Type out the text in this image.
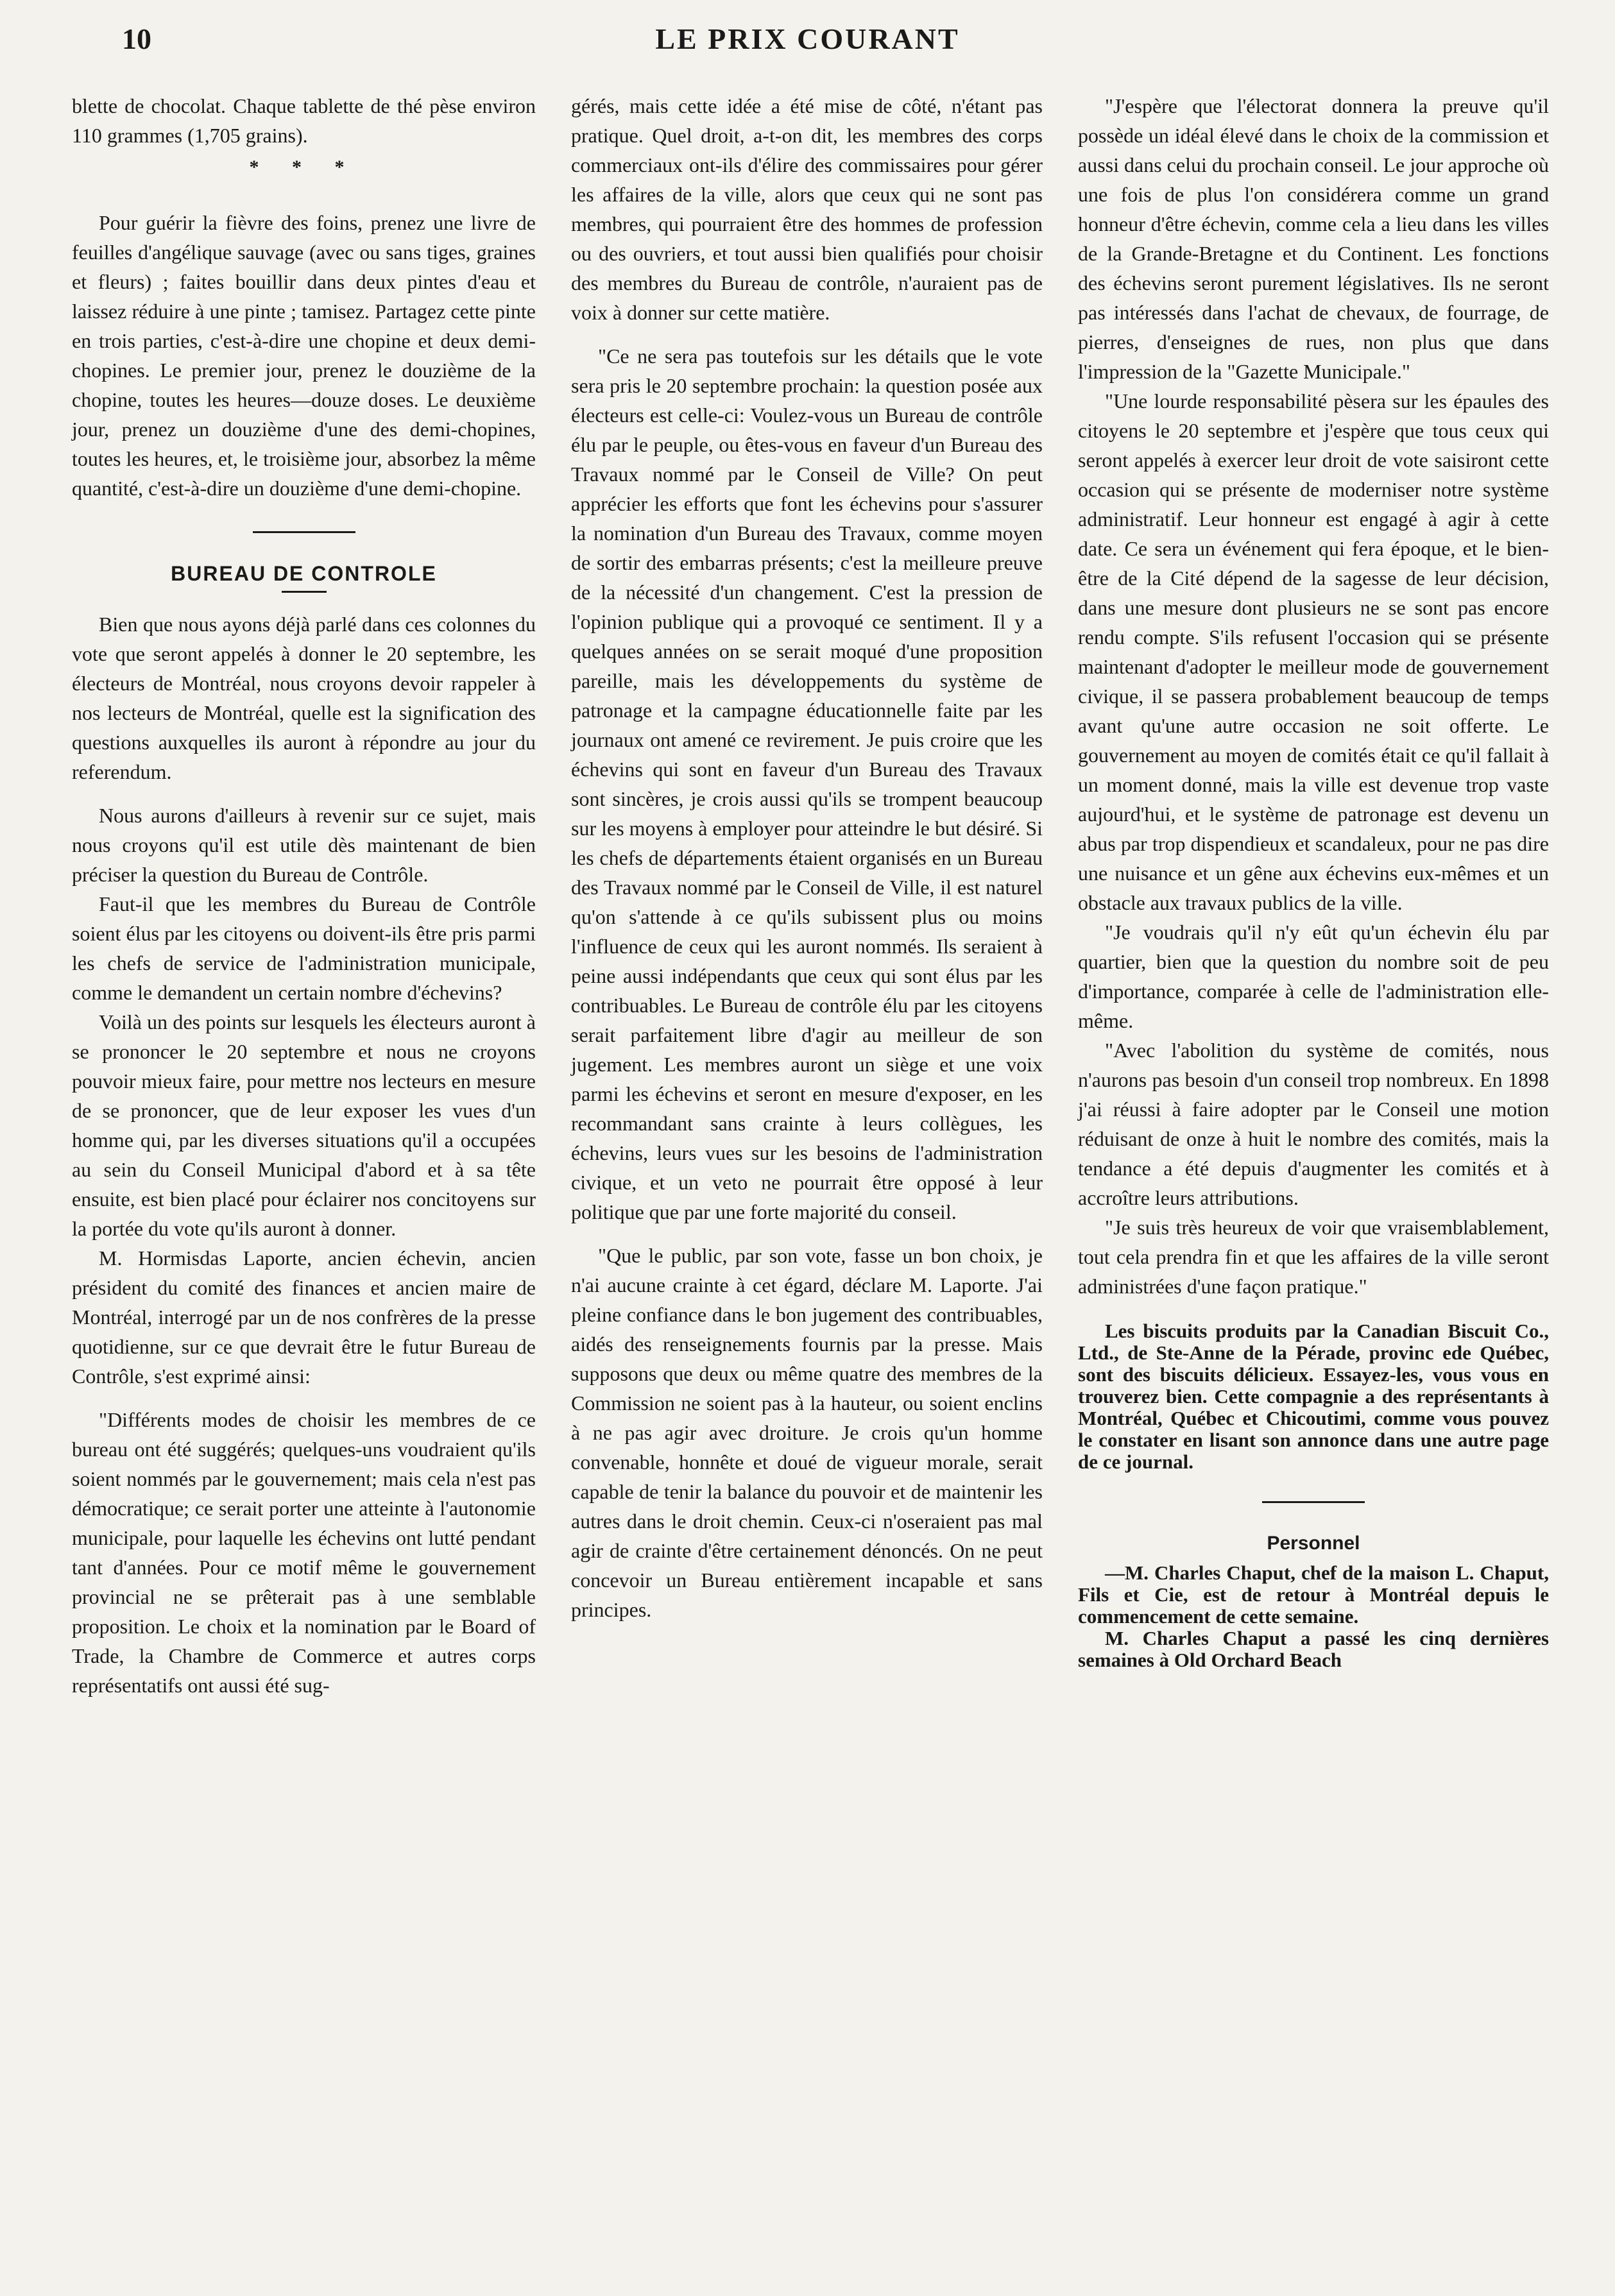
10	LE PRIX COURANT

blette de chocolat. Chaque tablette de thé pèse environ 110 grammes (1,705 grains).

* * *

Pour guérir la fièvre des foins, prenez une livre de feuilles d'angélique sauvage (avec ou sans tiges, graines et fleurs) ; faites bouillir dans deux pintes d'eau et laissez réduire à une pinte ; tamisez. Partagez cette pinte en trois parties, c'est-à-dire une chopine et deux demi-chopines. Le premier jour, prenez le douzième de la chopine, toutes les heures—douze doses. Le deuxième jour, prenez un douzième d'une des demi-chopines, toutes les heures, et, le troisième jour, absorbez la même quantité, c'est-à-dire un douzième d'une demi-chopine.

BUREAU DE CONTROLE

Bien que nous ayons déjà parlé dans ces colonnes du vote que seront appelés à donner le 20 septembre, les électeurs de Montréal, nous croyons devoir rappeler à nos lecteurs de Montréal, quelle est la signification des questions auxquelles ils auront à répondre au jour du referendum.

Nous aurons d'ailleurs à revenir sur ce sujet, mais nous croyons qu'il est utile dès maintenant de bien préciser la question du Bureau de Contrôle.

Faut-il que les membres du Bureau de Contrôle soient élus par les citoyens ou doivent-ils être pris parmi les chefs de service de l'administration municipale, comme le demandent un certain nombre d'échevins?

Voilà un des points sur lesquels les électeurs auront à se prononcer le 20 septembre et nous ne croyons pouvoir mieux faire, pour mettre nos lecteurs en mesure de se prononcer, que de leur exposer les vues d'un homme qui, par les diverses situations qu'il a occupées au sein du Conseil Municipal d'abord et à sa tête ensuite, est bien placé pour éclairer nos concitoyens sur la portée du vote qu'ils auront à donner.

M. Hormisdas Laporte, ancien échevin, ancien président du comité des finances et ancien maire de Montréal, interrogé par un de nos confrères de la presse quotidienne, sur ce que devrait être le futur Bureau de Contrôle, s'est exprimé ainsi:

"Différents modes de choisir les membres de ce bureau ont été suggérés; quelques-uns voudraient qu'ils soient nommés par le gouvernement; mais cela n'est pas démocratique; ce serait porter une atteinte à l'autonomie municipale, pour laquelle les échevins ont lutté pendant tant d'années. Pour ce motif même le gouvernement provincial ne se prêterait pas à une semblable proposition. Le choix et la nomination par le Board of Trade, la Chambre de Commerce et autres corps représentatifs ont aussi été sug-

gérés, mais cette idée a été mise de côté, n'étant pas pratique. Quel droit, a-t-on dit, les membres des corps commerciaux ont-ils d'élire des commissaires pour gérer les affaires de la ville, alors que ceux qui ne sont pas membres, qui pourraient être des hommes de profession ou des ouvriers, et tout aussi bien qualifiés pour choisir des membres du Bureau de contrôle, n'auraient pas de voix à donner sur cette matière.

"Ce ne sera pas toutefois sur les détails que le vote sera pris le 20 septembre prochain: la question posée aux électeurs est celle-ci: Voulez-vous un Bureau de contrôle élu par le peuple, ou êtes-vous en faveur d'un Bureau des Travaux nommé par le Conseil de Ville? On peut apprécier les efforts que font les échevins pour s'assurer la nomination d'un Bureau des Travaux, comme moyen de sortir des embarras présents; c'est la meilleure preuve de la nécessité d'un changement. C'est la pression de l'opinion publique qui a provoqué ce sentiment. Il y a quelques années on se serait moqué d'une proposition pareille, mais les développements du système de patronage et la campagne éducationnelle faite par les journaux ont amené ce revirement. Je puis croire que les échevins qui sont en faveur d'un Bureau des Travaux sont sincères, je crois aussi qu'ils se trompent beaucoup sur les moyens à employer pour atteindre le but désiré. Si les chefs de départements étaient organisés en un Bureau des Travaux nommé par le Conseil de Ville, il est naturel qu'on s'attende à ce qu'ils subissent plus ou moins l'influence de ceux qui les auront nommés. Ils seraient à peine aussi indépendants que ceux qui sont élus par les contribuables. Le Bureau de contrôle élu par les citoyens serait parfaitement libre d'agir au meilleur de son jugement. Les membres auront un siège et une voix parmi les échevins et seront en mesure d'exposer, en les recommandant sans crainte à leurs collègues, les échevins, leurs vues sur les besoins de l'administration civique, et un veto ne pourrait être opposé à leur politique que par une forte majorité du conseil.

"Que le public, par son vote, fasse un bon choix, je n'ai aucune crainte à cet égard, déclare M. Laporte. J'ai pleine confiance dans le bon jugement des contribuables, aidés des renseignements fournis par la presse. Mais supposons que deux ou même quatre des membres de la Commission ne soient pas à la hauteur, ou soient enclins à ne pas agir avec droiture. Je crois qu'un homme convenable, honnête et doué de vigueur morale, serait capable de tenir la balance du pouvoir et de maintenir les autres dans le droit chemin. Ceux-ci n'oseraient pas mal agir de crainte d'être certainement dénoncés. On ne peut concevoir un Bureau entièrement incapable et sans principes.

"J'espère que l'électorat donnera la preuve qu'il possède un idéal élevé dans le choix de la commission et aussi dans celui du prochain conseil. Le jour approche où une fois de plus l'on considérera comme un grand honneur d'être échevin, comme cela a lieu dans les villes de la Grande-Bretagne et du Continent. Les fonctions des échevins seront purement législatives. Ils ne seront pas intéressés dans l'achat de chevaux, de fourrage, de pierres, d'enseignes de rues, non plus que dans l'impression de la "Gazette Municipale."

"Une lourde responsabilité pèsera sur les épaules des citoyens le 20 septembre et j'espère que tous ceux qui seront appelés à exercer leur droit de vote saisiront cette occasion qui se présente de moderniser notre système administratif. Leur honneur est engagé à agir à cette date. Ce sera un événement qui fera époque, et le bien-être de la Cité dépend de la sagesse de leur décision, dans une mesure dont plusieurs ne se sont pas encore rendu compte. S'ils refusent l'occasion qui se présente maintenant d'adopter le meilleur mode de gouvernement civique, il se passera probablement beaucoup de temps avant qu'une autre occasion ne soit offerte. Le gouvernement au moyen de comités était ce qu'il fallait à un moment donné, mais la ville est devenue trop vaste aujourd'hui, et le système de patronage est devenu un abus par trop dispendieux et scandaleux, pour ne pas dire une nuisance et un gêne aux échevins eux-mêmes et un obstacle aux travaux publics de la ville.

"Je voudrais qu'il n'y eût qu'un échevin élu par quartier, bien que la question du nombre soit de peu d'importance, comparée à celle de l'administration elle-même.

"Avec l'abolition du système de comités, nous n'aurons pas besoin d'un conseil trop nombreux. En 1898 j'ai réussi à faire adopter par le Conseil une motion réduisant de onze à huit le nombre des comités, mais la tendance a été depuis d'augmenter les comités et à accroître leurs attributions.

"Je suis très heureux de voir que vraisemblablement, tout cela prendra fin et que les affaires de la ville seront administrées d'une façon pratique."

Les biscuits produits par la Canadian Biscuit Co., Ltd., de Ste-Anne de la Pérade, provinc ede Québec, sont des biscuits délicieux. Essayez-les, vous vous en trouverez bien. Cette compagnie a des représentants à Montréal, Québec et Chicoutimi, comme vous pouvez le constater en lisant son annonce dans une autre page de ce journal.

Personnel

—M. Charles Chaput, chef de la maison L. Chaput, Fils et Cie, est de retour à Montréal depuis le commencement de cette semaine.

M. Charles Chaput a passé les cinq dernières semaines à Old Orchard Beach
